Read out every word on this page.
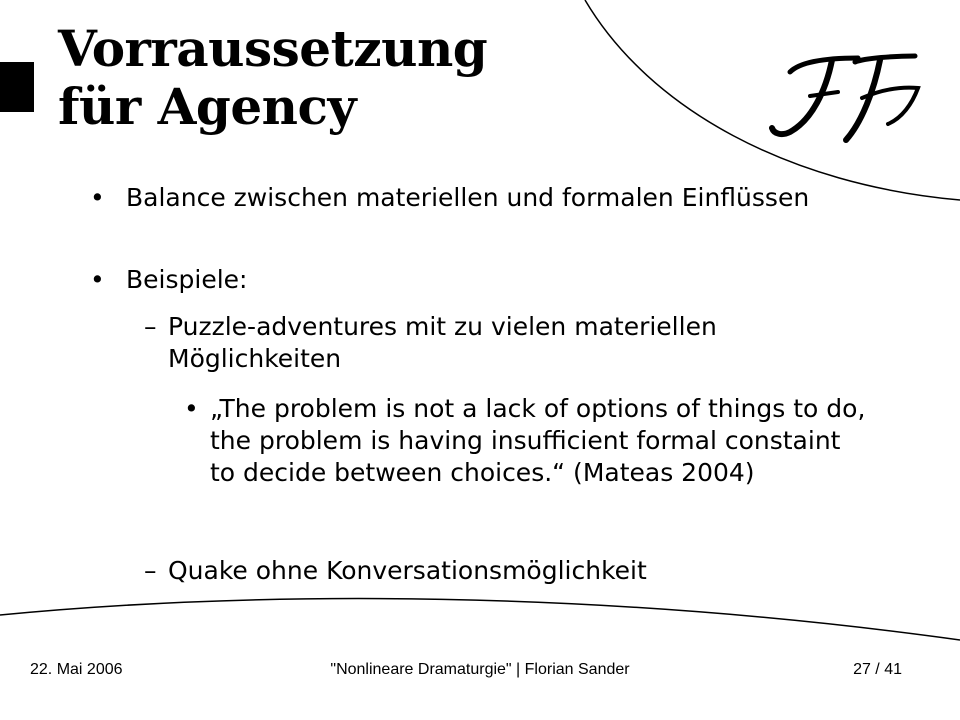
Vorraussetzung
für Agency
• Balance zwischen materiellen und formalen Einflüssen
• Beispiele:
– Puzzle-adventures mit zu vielen materiellen Möglichkeiten
• „The problem is not a lack of options of things to do, the problem is having insufficient formal constaint to decide between choices.“ (Mateas 2004)
– Quake ohne Konversationsmöglichkeit
22. Mai 2006	"Nonlineare Dramaturgie" | Florian Sander	27 / 41
